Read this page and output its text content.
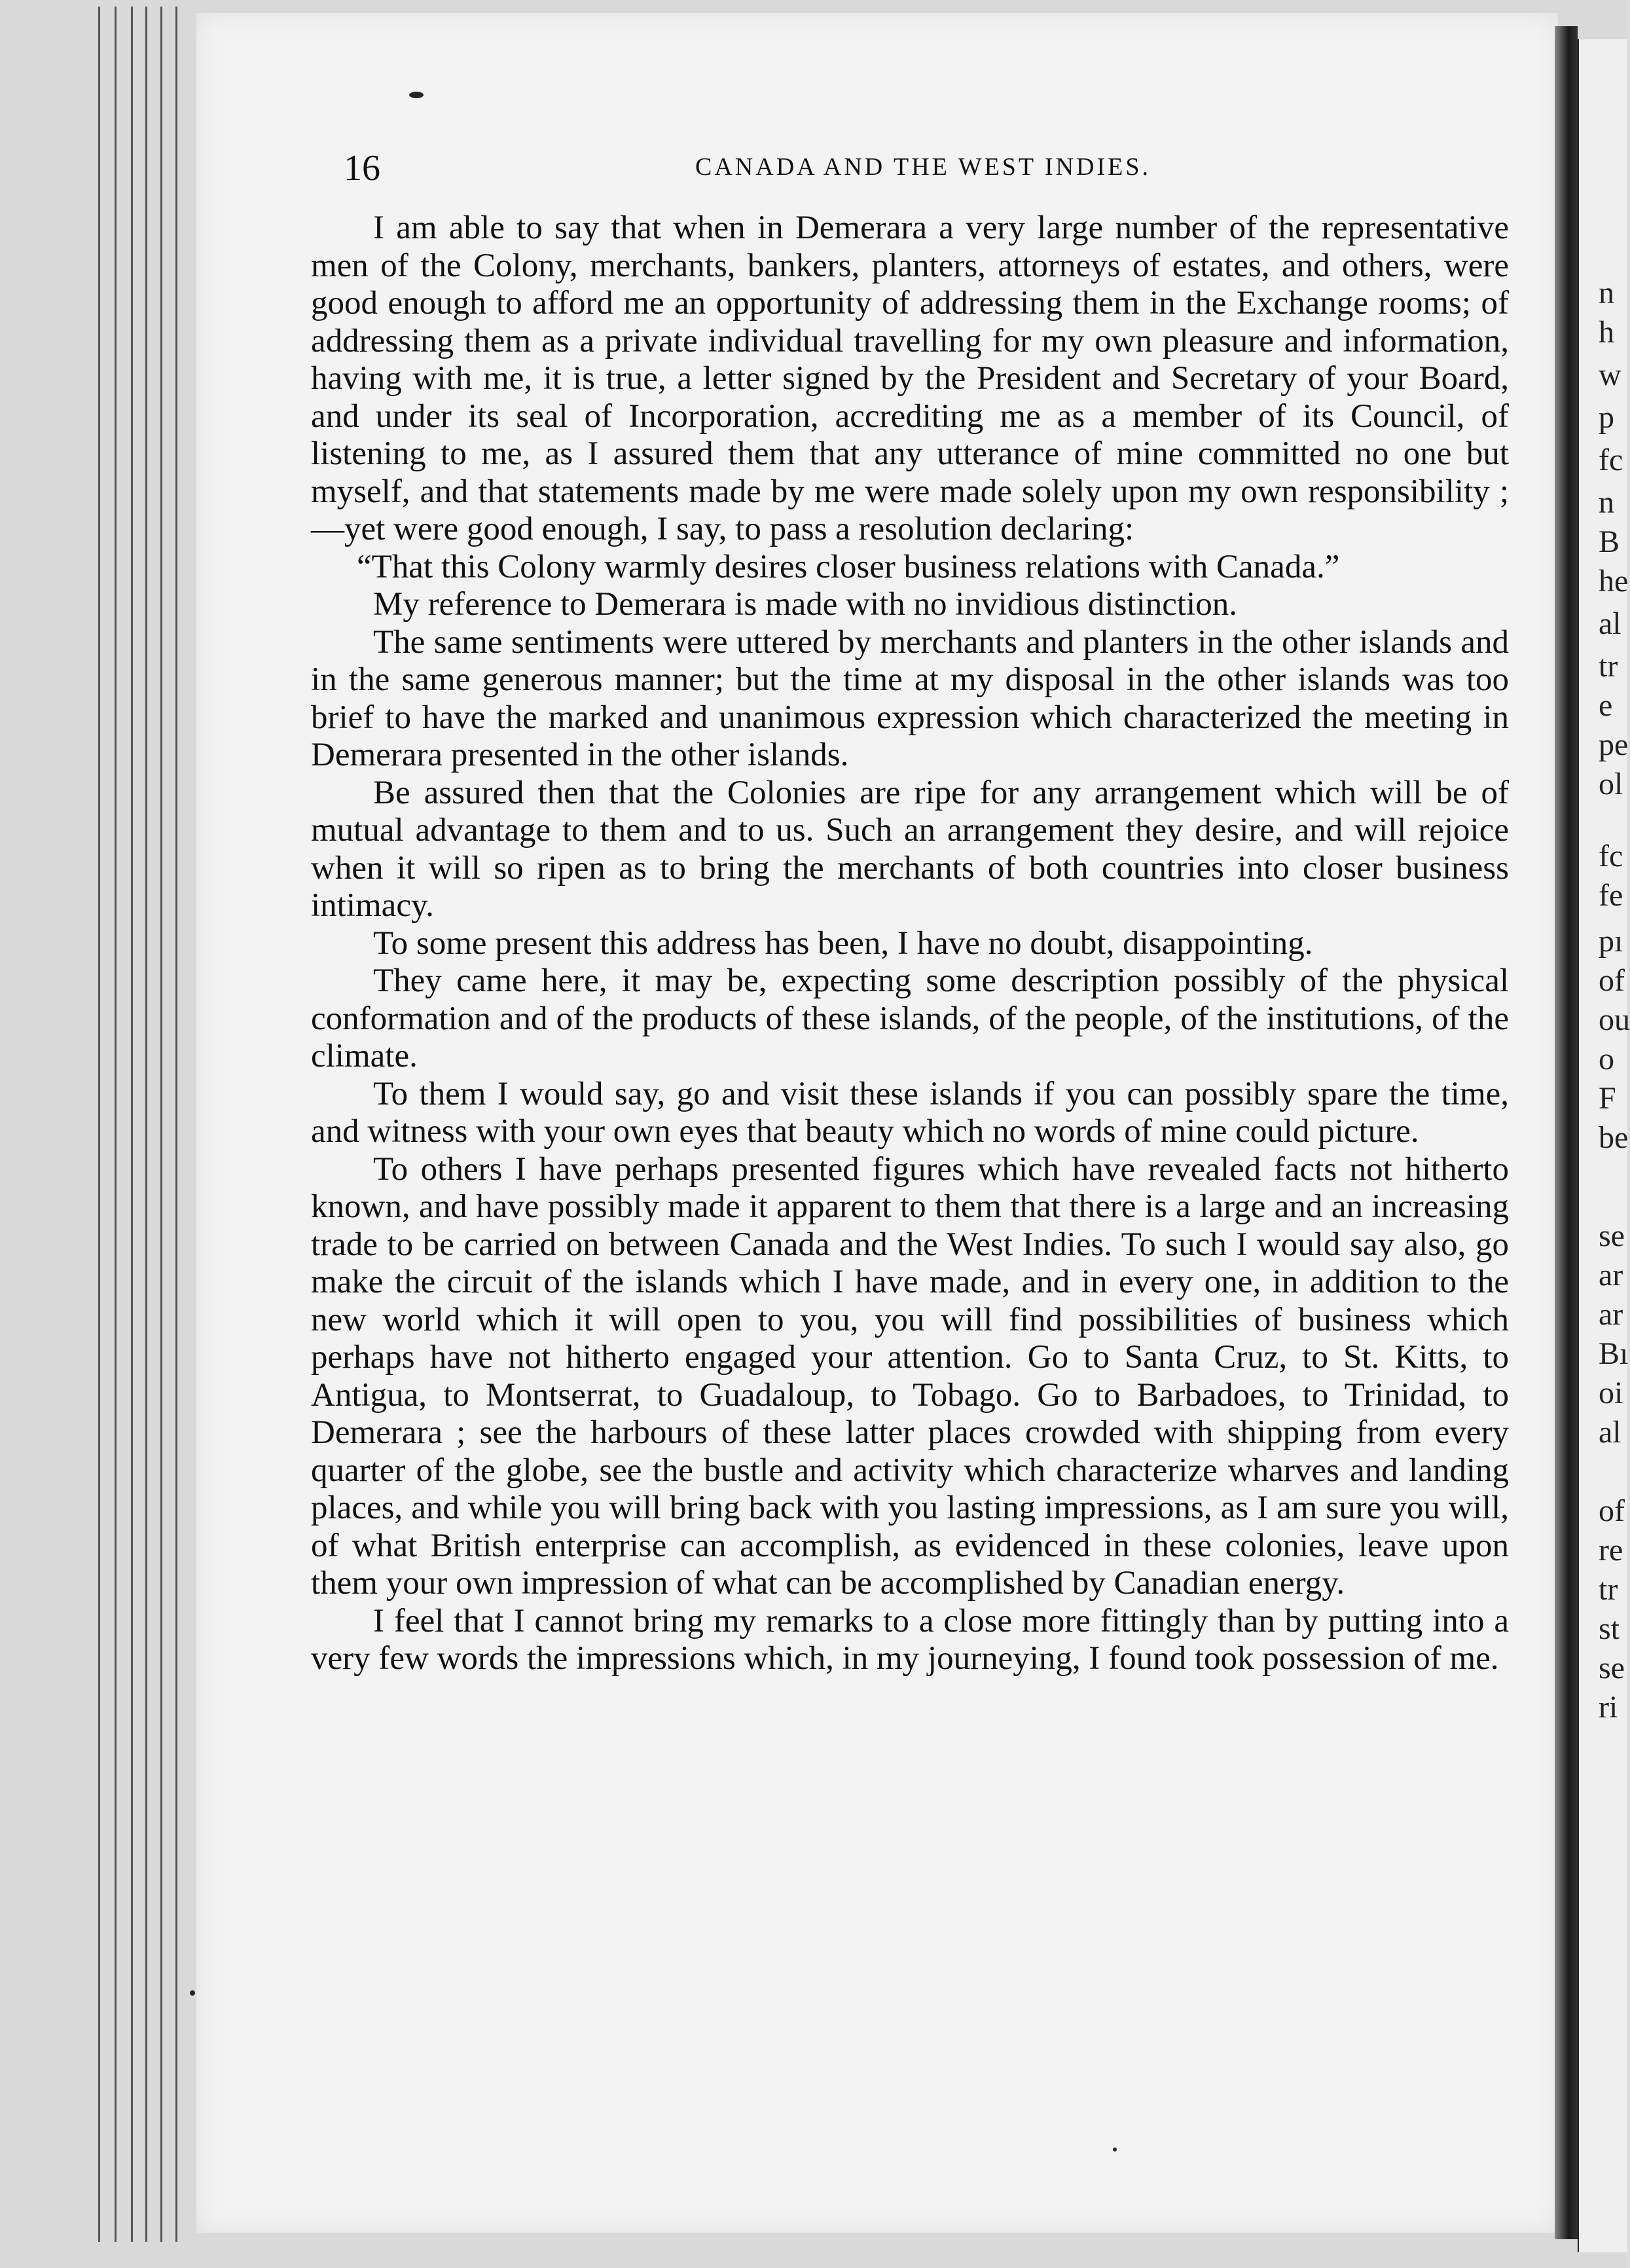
n
h
w
p
fc
n
B
he
al
tr
e
pe
ol
fc
fe
pı
of
ou
o
F
be
se
ar
ar
Bı
oi
al
of
re
tr
st
se
ri
16	CANADA AND THE WEST INDIES.

I am able to say that when in Demerara a very large number of the representative men of the Colony, merchants, bankers, planters, attorneys of estates, and others, were good enough to afford me an opportunity of addressing them in the Exchange rooms; of addressing them as a private individual travelling for my own pleasure and information, having with me, it is true, a letter signed by the President and Secretary of your Board, and under its seal of Incorporation, accrediting me as a member of its Council, of listening to me, as I assured them that any utterance of mine committed no one but myself, and that statements made by me were made solely upon my own responsibility ;—yet were good enough, I say, to pass a resolution declaring:

“That this Colony warmly desires closer business relations with Canada.”

My reference to Demerara is made with no invidious distinction.

The same sentiments were uttered by merchants and planters in the other islands and in the same generous manner; but the time at my disposal in the other islands was too brief to have the marked and unanimous expression which characterized the meeting in Demerara presented in the other islands.

Be assured then that the Colonies are ripe for any arrangement which will be of mutual advantage to them and to us. Such an arrangement they desire, and will rejoice when it will so ripen as to bring the merchants of both countries into closer business intimacy.

To some present this address has been, I have no doubt, disappointing.

They came here, it may be, expecting some description possibly of the physical conformation and of the products of these islands, of the people, of the institutions, of the climate.

To them I would say, go and visit these islands if you can possibly spare the time, and witness with your own eyes that beauty which no words of mine could picture.

To others I have perhaps presented figures which have revealed facts not hitherto known, and have possibly made it apparent to them that there is a large and an increasing trade to be carried on between Canada and the West Indies. To such I would say also, go make the circuit of the islands which I have made, and in every one, in addition to the new world which it will open to you, you will find possibilities of business which perhaps have not hitherto engaged your attention. Go to Santa Cruz, to St. Kitts, to Antigua, to Montserrat, to Guadaloup, to Tobago. Go to Barbadoes, to Trinidad, to Demerara ; see the harbours of these latter places crowded with shipping from every quarter of the globe, see the bustle and activity which characterize wharves and landing places, and while you will bring back with you lasting impressions, as I am sure you will, of what British enterprise can accomplish, as evidenced in these colonies, leave upon them your own impression of what can be accomplished by Canadian energy.

I feel that I cannot bring my remarks to a close more fittingly than by putting into a very few words the impressions which, in my journeying, I found took possession of me.
